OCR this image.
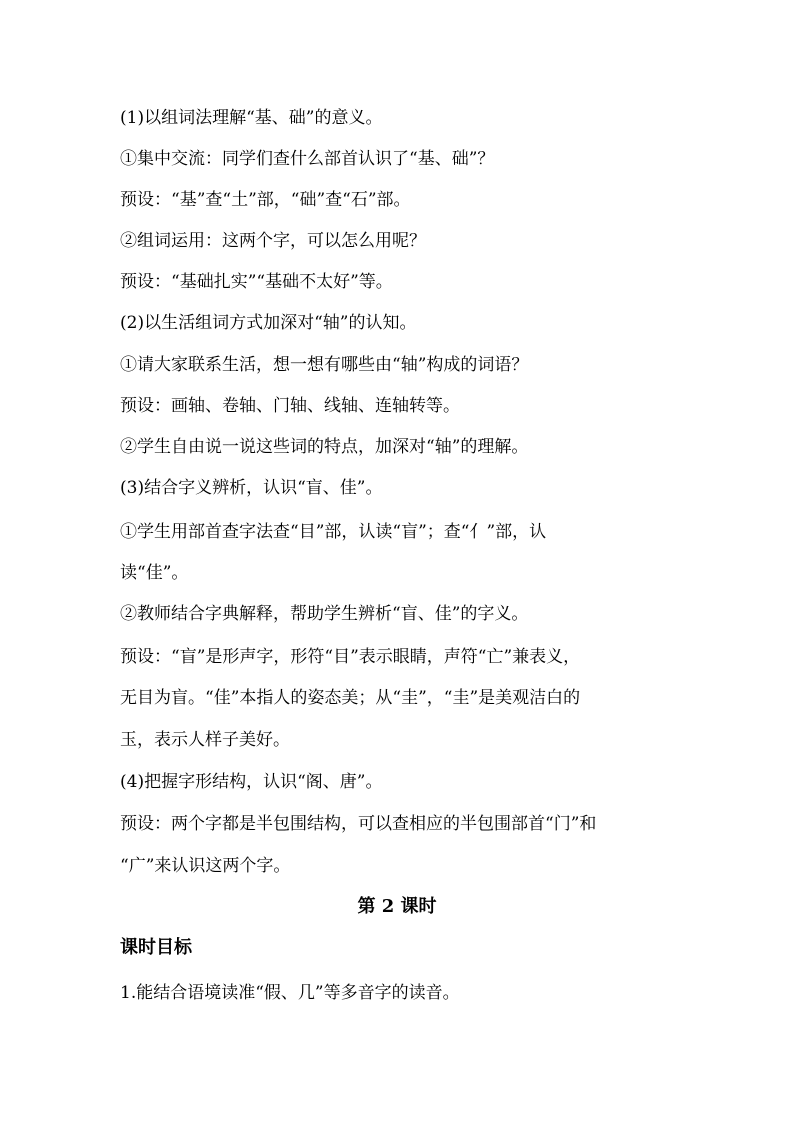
(1)以组词法理解“基、础”的意义。
①集中交流：同学们查什么部首认识了“基、础”？
预设：“基”查“土”部，“础”查“石”部。
②组词运用：这两个字，可以怎么用呢？
预设：“基础扎实”“基础不太好”等。
(2)以生活组词方式加深对“轴”的认知。
①请大家联系生活，想一想有哪些由“轴”构成的词语？
预设：画轴、卷轴、门轴、线轴、连轴转等。
②学生自由说一说这些词的特点，加深对“轴”的理解。
(3)结合字义辨析，认识“盲、佳”。
①学生用部首查字法查“目”部，认读“盲”；查“亻”部，认
读“佳”。
②教师结合字典解释，帮助学生辨析“盲、佳”的字义。
预设：“盲”是形声字，形符“目”表示眼睛，声符“亡”兼表义，
无目为盲。“佳”本指人的姿态美；从“圭”，“圭”是美观洁白的
玉，表示人样子美好。
(4)把握字形结构，认识“阁、唐”。
预设：两个字都是半包围结构，可以查相应的半包围部首“门”和
“广”来认识这两个字。
第 2 课时
课时目标
1.能结合语境读准“假、几”等多音字的读音。
